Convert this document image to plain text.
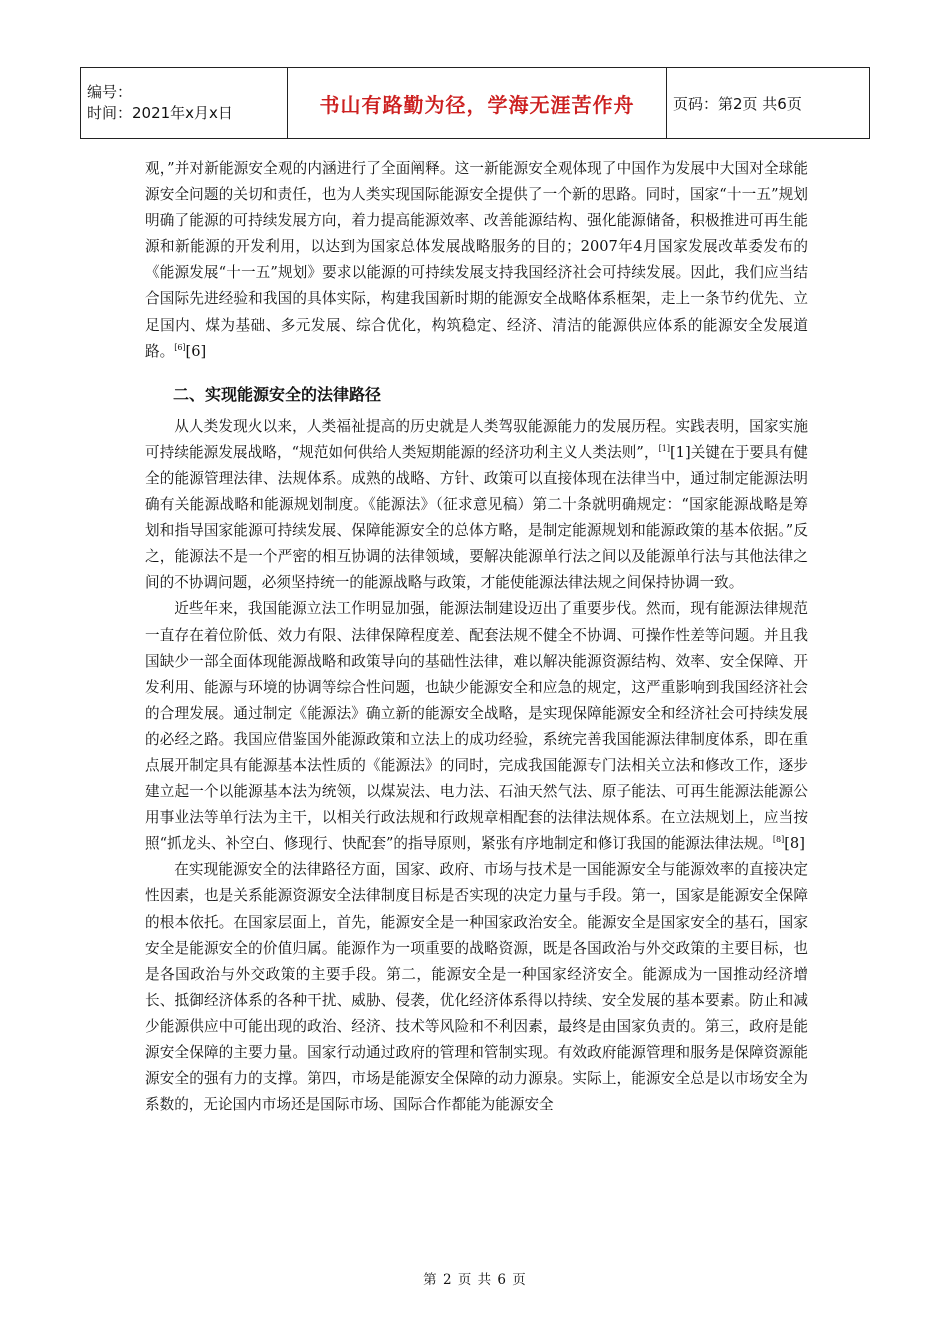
编号：
时间：2021年x月x日	书山有路勤为径，学海无涯苦作舟	页码：第2页 共6页

观，”并对新能源安全观的内涵进行了全面阐释。这一新能源安全观体现了中国作为发展中大国对全球能源安全问题的关切和责任，也为人类实现国际能源安全提供了一个新的思路。同时，国家“十一五”规划明确了能源的可持续发展方向，着力提高能源效率、改善能源结构、强化能源储备，积极推进可再生能源和新能源的开发利用，以达到为国家总体发展战略服务的目的；2007年4月国家发展改革委发布的《能源发展“十一五”规划》要求以能源的可持续发展支持我国经济社会可持续发展。因此，我们应当结合国际先进经验和我国的具体实际，构建我国新时期的能源安全战略体系框架，走上一条节约优先、立足国内、煤为基础、多元发展、综合优化，构筑稳定、经济、清洁的能源供应体系的能源安全发展道路。[6][6]

二、实现能源安全的法律路径

从人类发现火以来，人类福祉提高的历史就是人类驾驭能源能力的发展历程。实践表明，国家实施可持续能源发展战略，“规范如何供给人类短期能源的经济功利主义人类法则”，[1][1]关键在于要具有健全的能源管理法律、法规体系。成熟的战略、方针、政策可以直接体现在法律当中，通过制定能源法明确有关能源战略和能源规划制度。《能源法》（征求意见稿）第二十条就明确规定：“国家能源战略是筹划和指导国家能源可持续发展、保障能源安全的总体方略，是制定能源规划和能源政策的基本依据。”反之，能源法不是一个严密的相互协调的法律领域，要解决能源单行法之间以及能源单行法与其他法律之间的不协调问题，必须坚持统一的能源战略与政策，才能使能源法律法规之间保持协调一致。

近些年来，我国能源立法工作明显加强，能源法制建设迈出了重要步伐。然而，现有能源法律规范一直存在着位阶低、效力有限、法律保障程度差、配套法规不健全不协调、可操作性差等问题。并且我国缺少一部全面体现能源战略和政策导向的基础性法律，难以解决能源资源结构、效率、安全保障、开发利用、能源与环境的协调等综合性问题，也缺少能源安全和应急的规定，这严重影响到我国经济社会的合理发展。通过制定《能源法》确立新的能源安全战略，是实现保障能源安全和经济社会可持续发展的必经之路。我国应借鉴国外能源政策和立法上的成功经验，系统完善我国能源法律制度体系，即在重点展开制定具有能源基本法性质的《能源法》的同时，完成我国能源专门法相关立法和修改工作，逐步建立起一个以能源基本法为统领，以煤炭法、电力法、石油天然气法、原子能法、可再生能源法能源公用事业法等单行法为主干，以相关行政法规和行政规章相配套的法律法规体系。在立法规划上，应当按照“抓龙头、补空白、修现行、快配套”的指导原则，紧张有序地制定和修订我国的能源法律法规。[8][8]

在实现能源安全的法律路径方面，国家、政府、市场与技术是一国能源安全与能源效率的直接决定性因素，也是关系能源资源安全法律制度目标是否实现的决定力量与手段。第一，国家是能源安全保障的根本依托。在国家层面上，首先，能源安全是一种国家政治安全。能源安全是国家安全的基石，国家安全是能源安全的价值归属。能源作为一项重要的战略资源，既是各国政治与外交政策的主要目标，也是各国政治与外交政策的主要手段。第二，能源安全是一种国家经济安全。能源成为一国推动经济增长、抵御经济体系的各种干扰、威胁、侵袭，优化经济体系得以持续、安全发展的基本要素。防止和减少能源供应中可能出现的政治、经济、技术等风险和不利因素，最终是由国家负责的。第三，政府是能源安全保障的主要力量。国家行动通过政府的管理和管制实现。有效政府能源管理和服务是保障资源能源安全的强有力的支撑。第四，市场是能源安全保障的动力源泉。实际上，能源安全总是以市场安全为系数的，无论国内市场还是国际市场、国际合作都能为能源安全

第 2 页 共 6 页
